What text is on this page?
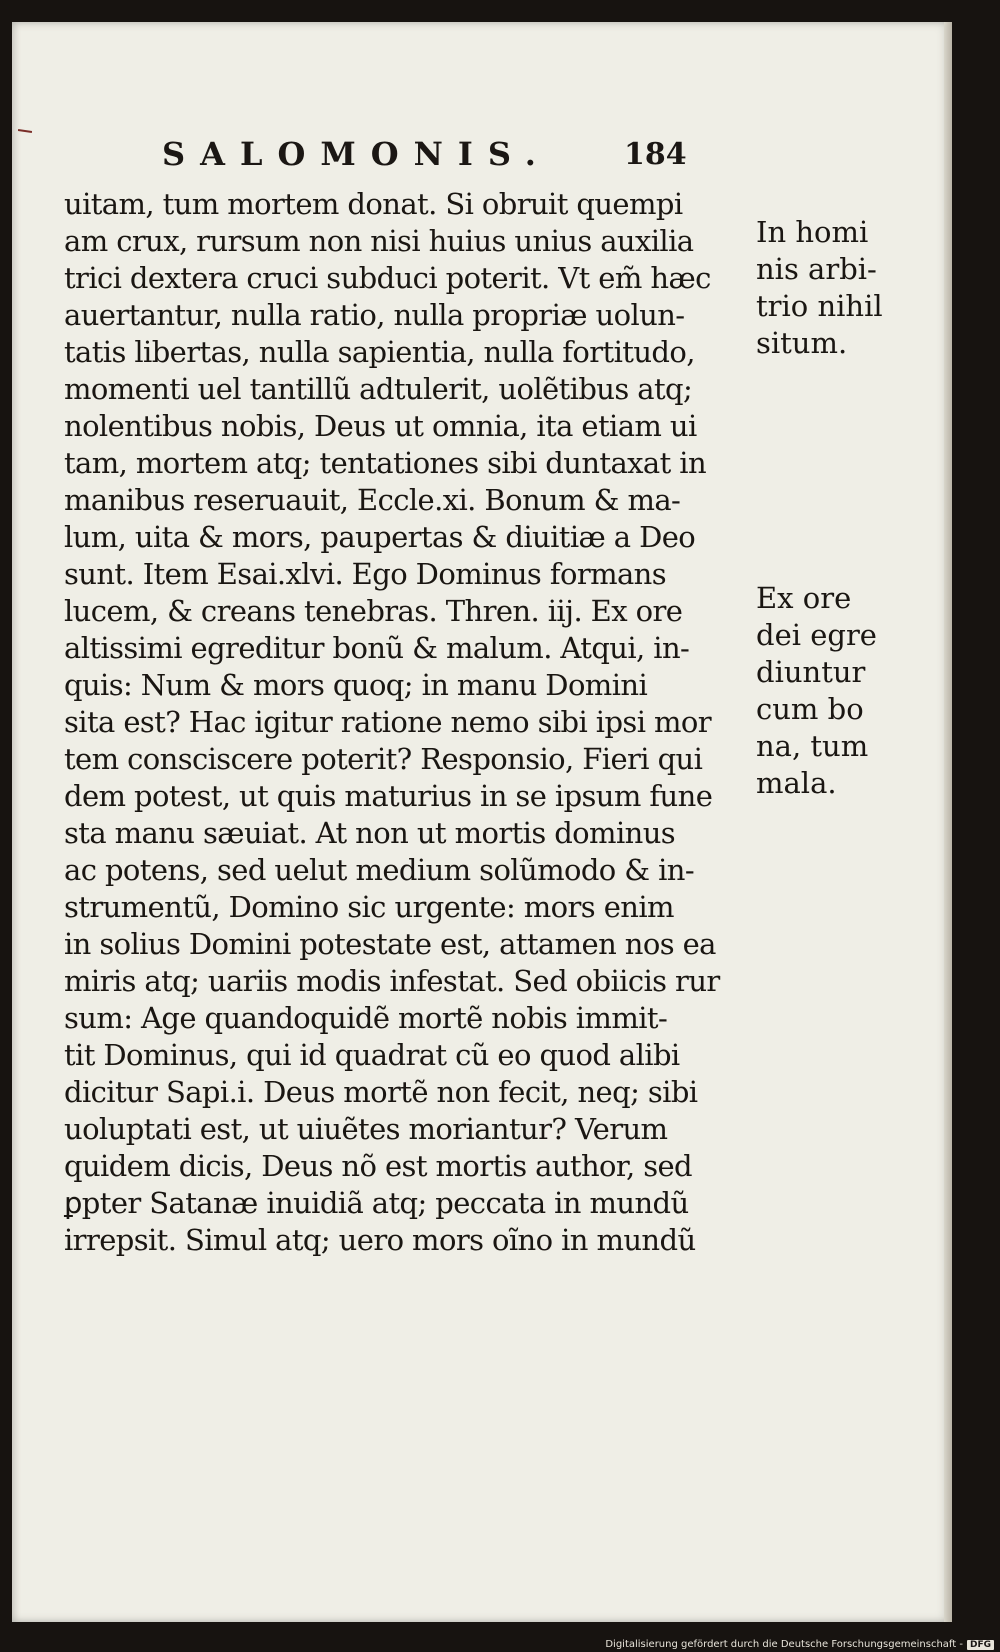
SALOMONIS. 184
uitam, tum mortem donat. Si obruit quempi
am crux, rursum non nisi huius unius auxilia
trici dextera cruci subduci poterit. Vt em̃ hæc
auertantur, nulla ratio, nulla propriæ uolun-
tatis libertas, nulla sapientia, nulla fortitudo,
momenti uel tantillũ adtulerit, uolẽtibus atq;
nolentibus nobis, Deus ut omnia, ita etiam ui
tam, mortem atq; tentationes sibi duntaxat in
manibus reseruauit, Eccle.xi. Bonum & ma-
lum, uita & mors, paupertas & diuitiæ a Deo
sunt. Item Esai.xlvi. Ego Dominus formans
lucem, & creans tenebras. Thren. iij. Ex ore
altissimi egreditur bonũ & malum. Atqui, in-
quis: Num & mors quoq; in manu Domini
sita est? Hac igitur ratione nemo sibi ipsi mor
tem consciscere poterit? Responsio, Fieri qui
dem potest, ut quis maturius in se ipsum fune
sta manu sæuiat. At non ut mortis dominus
ac potens, sed uelut medium solũmodo & in-
strumentũ, Domino sic urgente: mors enim
in solius Domini potestate est, attamen nos ea
miris atq; uariis modis infestat. Sed obiicis rur
sum: Age quandoquidẽ mortẽ nobis immit-
tit Dominus, qui id quadrat cũ eo quod alibi
dicitur Sapi.i. Deus mortẽ non fecit, neq; sibi
uoluptati est, ut uiuẽtes moriantur? Verum
quidem dicis, Deus nõ est mortis author, sed
ꝑpter Satanæ inuidiã atq; peccata in mundũ
irrepsit. Simul atq; uero mors oĩno in mundũ
In homi
nis arbi-
trio nihil
situm.
Ex ore
dei egre
diuntur
cum bo
na, tum
mala.
Digitalisierung gefördert durch die Deutsche Forschungsgemeinschaft - DFG
